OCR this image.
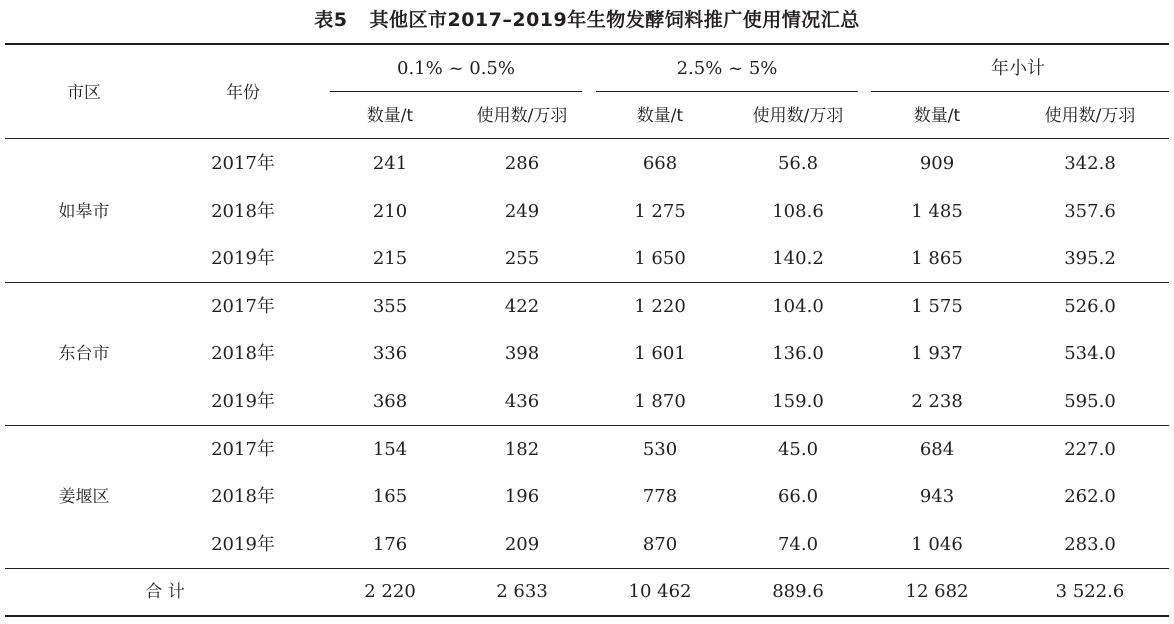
表5 其他区市2017–2019年生物发酵饲料推广使用情况汇总
市区	年份
0.1% ~ 0.5%	2.5% ~ 5%	年小计
数量/t	使用数/万羽	数量/t	使用数/万羽	数量/t	使用数/万羽
如皋市
2017年	241	286	668	56.8	909	342.8
2018年	210	249	1 275	108.6	1 485	357.6
2019年	215	255	1 650	140.2	1 865	395.2
东台市
2017年	355	422	1 220	104.0	1 575	526.0
2018年	336	398	1 601	136.0	1 937	534.0
2019年	368	436	1 870	159.0	2 238	595.0
姜堰区
2017年	154	182	530	45.0	684	227.0
2018年	165	196	778	66.0	943	262.0
2019年	176	209	870	74.0	1 046	283.0
合 计	2 220	2 633	10 462	889.6	12 682	3 522.6
